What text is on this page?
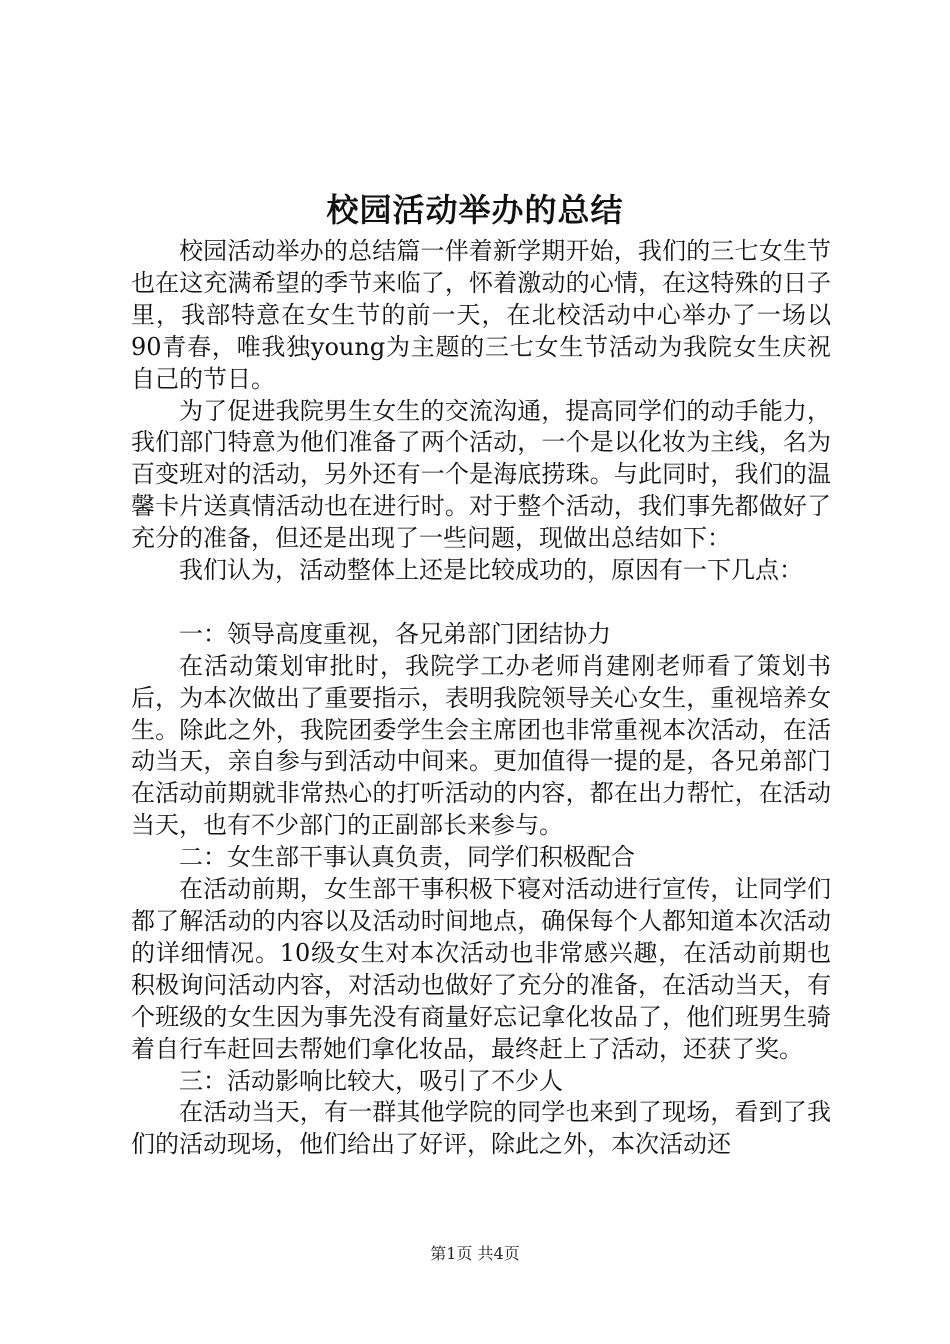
校园活动举办的总结

校园活动举办的总结篇一伴着新学期开始，我们的三七女生节也在这充满希望的季节来临了，怀着激动的心情，在这特殊的日子里，我部特意在女生节的前一天，在北校活动中心举办了一场以90青春，唯我独young为主题的三七女生节活动为我院女生庆祝自己的节日。

为了促进我院男生女生的交流沟通，提高同学们的动手能力，我们部门特意为他们准备了两个活动，一个是以化妆为主线，名为百变班对的活动，另外还有一个是海底捞珠。与此同时，我们的温馨卡片送真情活动也在进行时。对于整个活动，我们事先都做好了充分的准备，但还是出现了一些问题，现做出总结如下：

我们认为，活动整体上还是比较成功的，原因有一下几点：

一：领导高度重视，各兄弟部门团结协力

在活动策划审批时，我院学工办老师肖建刚老师看了策划书后，为本次做出了重要指示，表明我院领导关心女生，重视培养女生。除此之外，我院团委学生会主席团也非常重视本次活动，在活动当天，亲自参与到活动中间来。更加值得一提的是，各兄弟部门在活动前期就非常热心的打听活动的内容，都在出力帮忙，在活动当天，也有不少部门的正副部长来参与。

二：女生部干事认真负责，同学们积极配合

在活动前期，女生部干事积极下寝对活动进行宣传，让同学们都了解活动的内容以及活动时间地点，确保每个人都知道本次活动的详细情况。10级女生对本次活动也非常感兴趣，在活动前期也积极询问活动内容，对活动也做好了充分的准备，在活动当天，有个班级的女生因为事先没有商量好忘记拿化妆品了，他们班男生骑着自行车赶回去帮她们拿化妆品，最终赶上了活动，还获了奖。

三：活动影响比较大，吸引了不少人

在活动当天，有一群其他学院的同学也来到了现场，看到了我们的活动现场，他们给出了好评，除此之外，本次活动还

第1页 共4页
